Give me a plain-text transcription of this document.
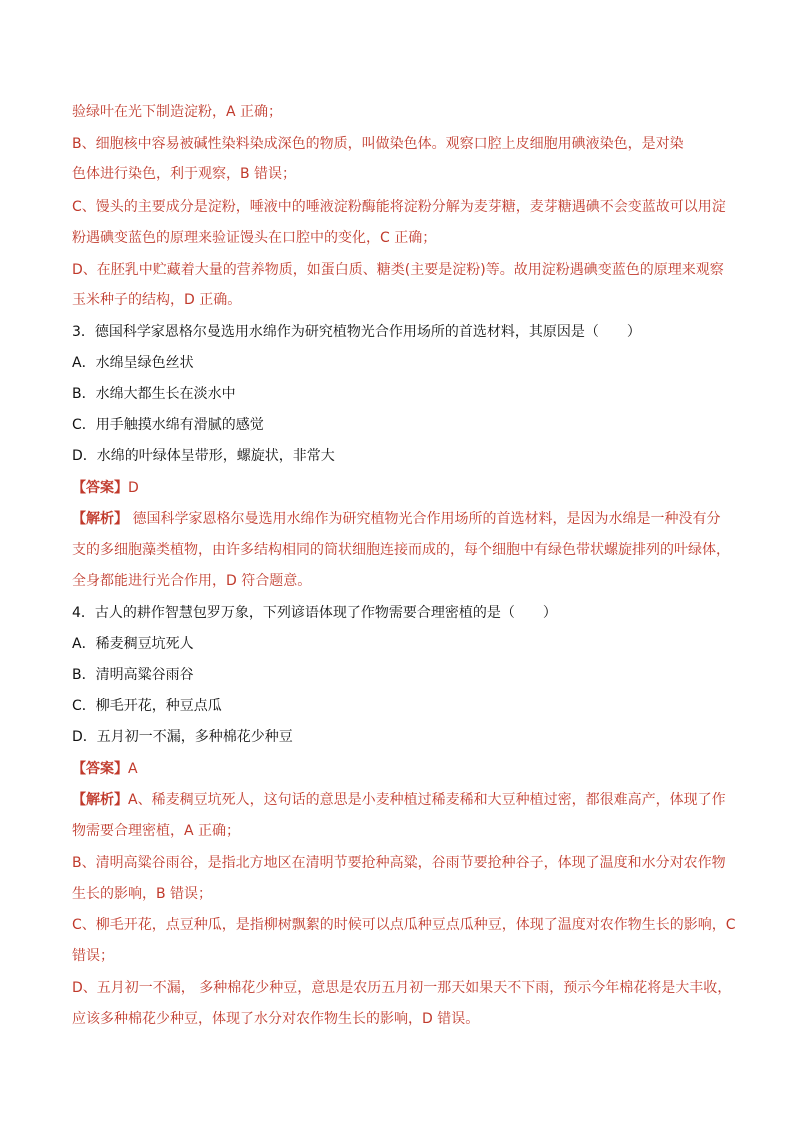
验绿叶在光下制造淀粉，A 正确；
B、细胞核中容易被碱性染料染成深色的物质，叫做染色体。观察口腔上皮细胞用碘液染色，是对染
色体进行染色，利于观察，B 错误；
C、馒头的主要成分是淀粉，唾液中的唾液淀粉酶能将淀粉分解为麦芽糖，麦芽糖遇碘不会变蓝故可以用淀
粉遇碘变蓝色的原理来验证馒头在口腔中的变化，C 正确；
D、在胚乳中贮藏着大量的营养物质，如蛋白质、糖类(主要是淀粉)等。故用淀粉遇碘变蓝色的原理来观察
玉米种子的结构，D 正确。
3．德国科学家恩格尔曼选用水绵作为研究植物光合作用场所的首选材料，其原因是（　　）
A．水绵呈绿色丝状
B．水绵大都生长在淡水中
C．用手触摸水绵有滑腻的感觉
D．水绵的叶绿体呈带形，螺旋状，非常大
【答案】D
【解析】 德国科学家恩格尔曼选用水绵作为研究植物光合作用场所的首选材料，是因为水绵是一种没有分
支的多细胞藻类植物，由许多结构相同的筒状细胞连接而成的，每个细胞中有绿色带状螺旋排列的叶绿体，
全身都能进行光合作用，D 符合题意。
4．古人的耕作智慧包罗万象，下列谚语体现了作物需要合理密植的是（　　）
A．稀麦稠豆坑死人
B．清明高粱谷雨谷
C．柳毛开花，种豆点瓜
D．五月初一不漏，多种棉花少种豆
【答案】A
【解析】A、稀麦稠豆坑死人，这句话的意思是小麦种植过稀麦稀和大豆种植过密，都很难高产，体现了作
物需要合理密植，A 正确；
B、清明高粱谷雨谷，是指北方地区在清明节要抢种高粱，谷雨节要抢种谷子，体现了温度和水分对农作物
生长的影响，B 错误；
C、柳毛开花，点豆种瓜，是指柳树飘絮的时候可以点瓜种豆点瓜种豆，体现了温度对农作物生长的影响，C
错误；
D、五月初一不漏， 多种棉花少种豆，意思是农历五月初一那天如果天不下雨，预示今年棉花将是大丰收，
应该多种棉花少种豆，体现了水分对农作物生长的影响，D 错误。
